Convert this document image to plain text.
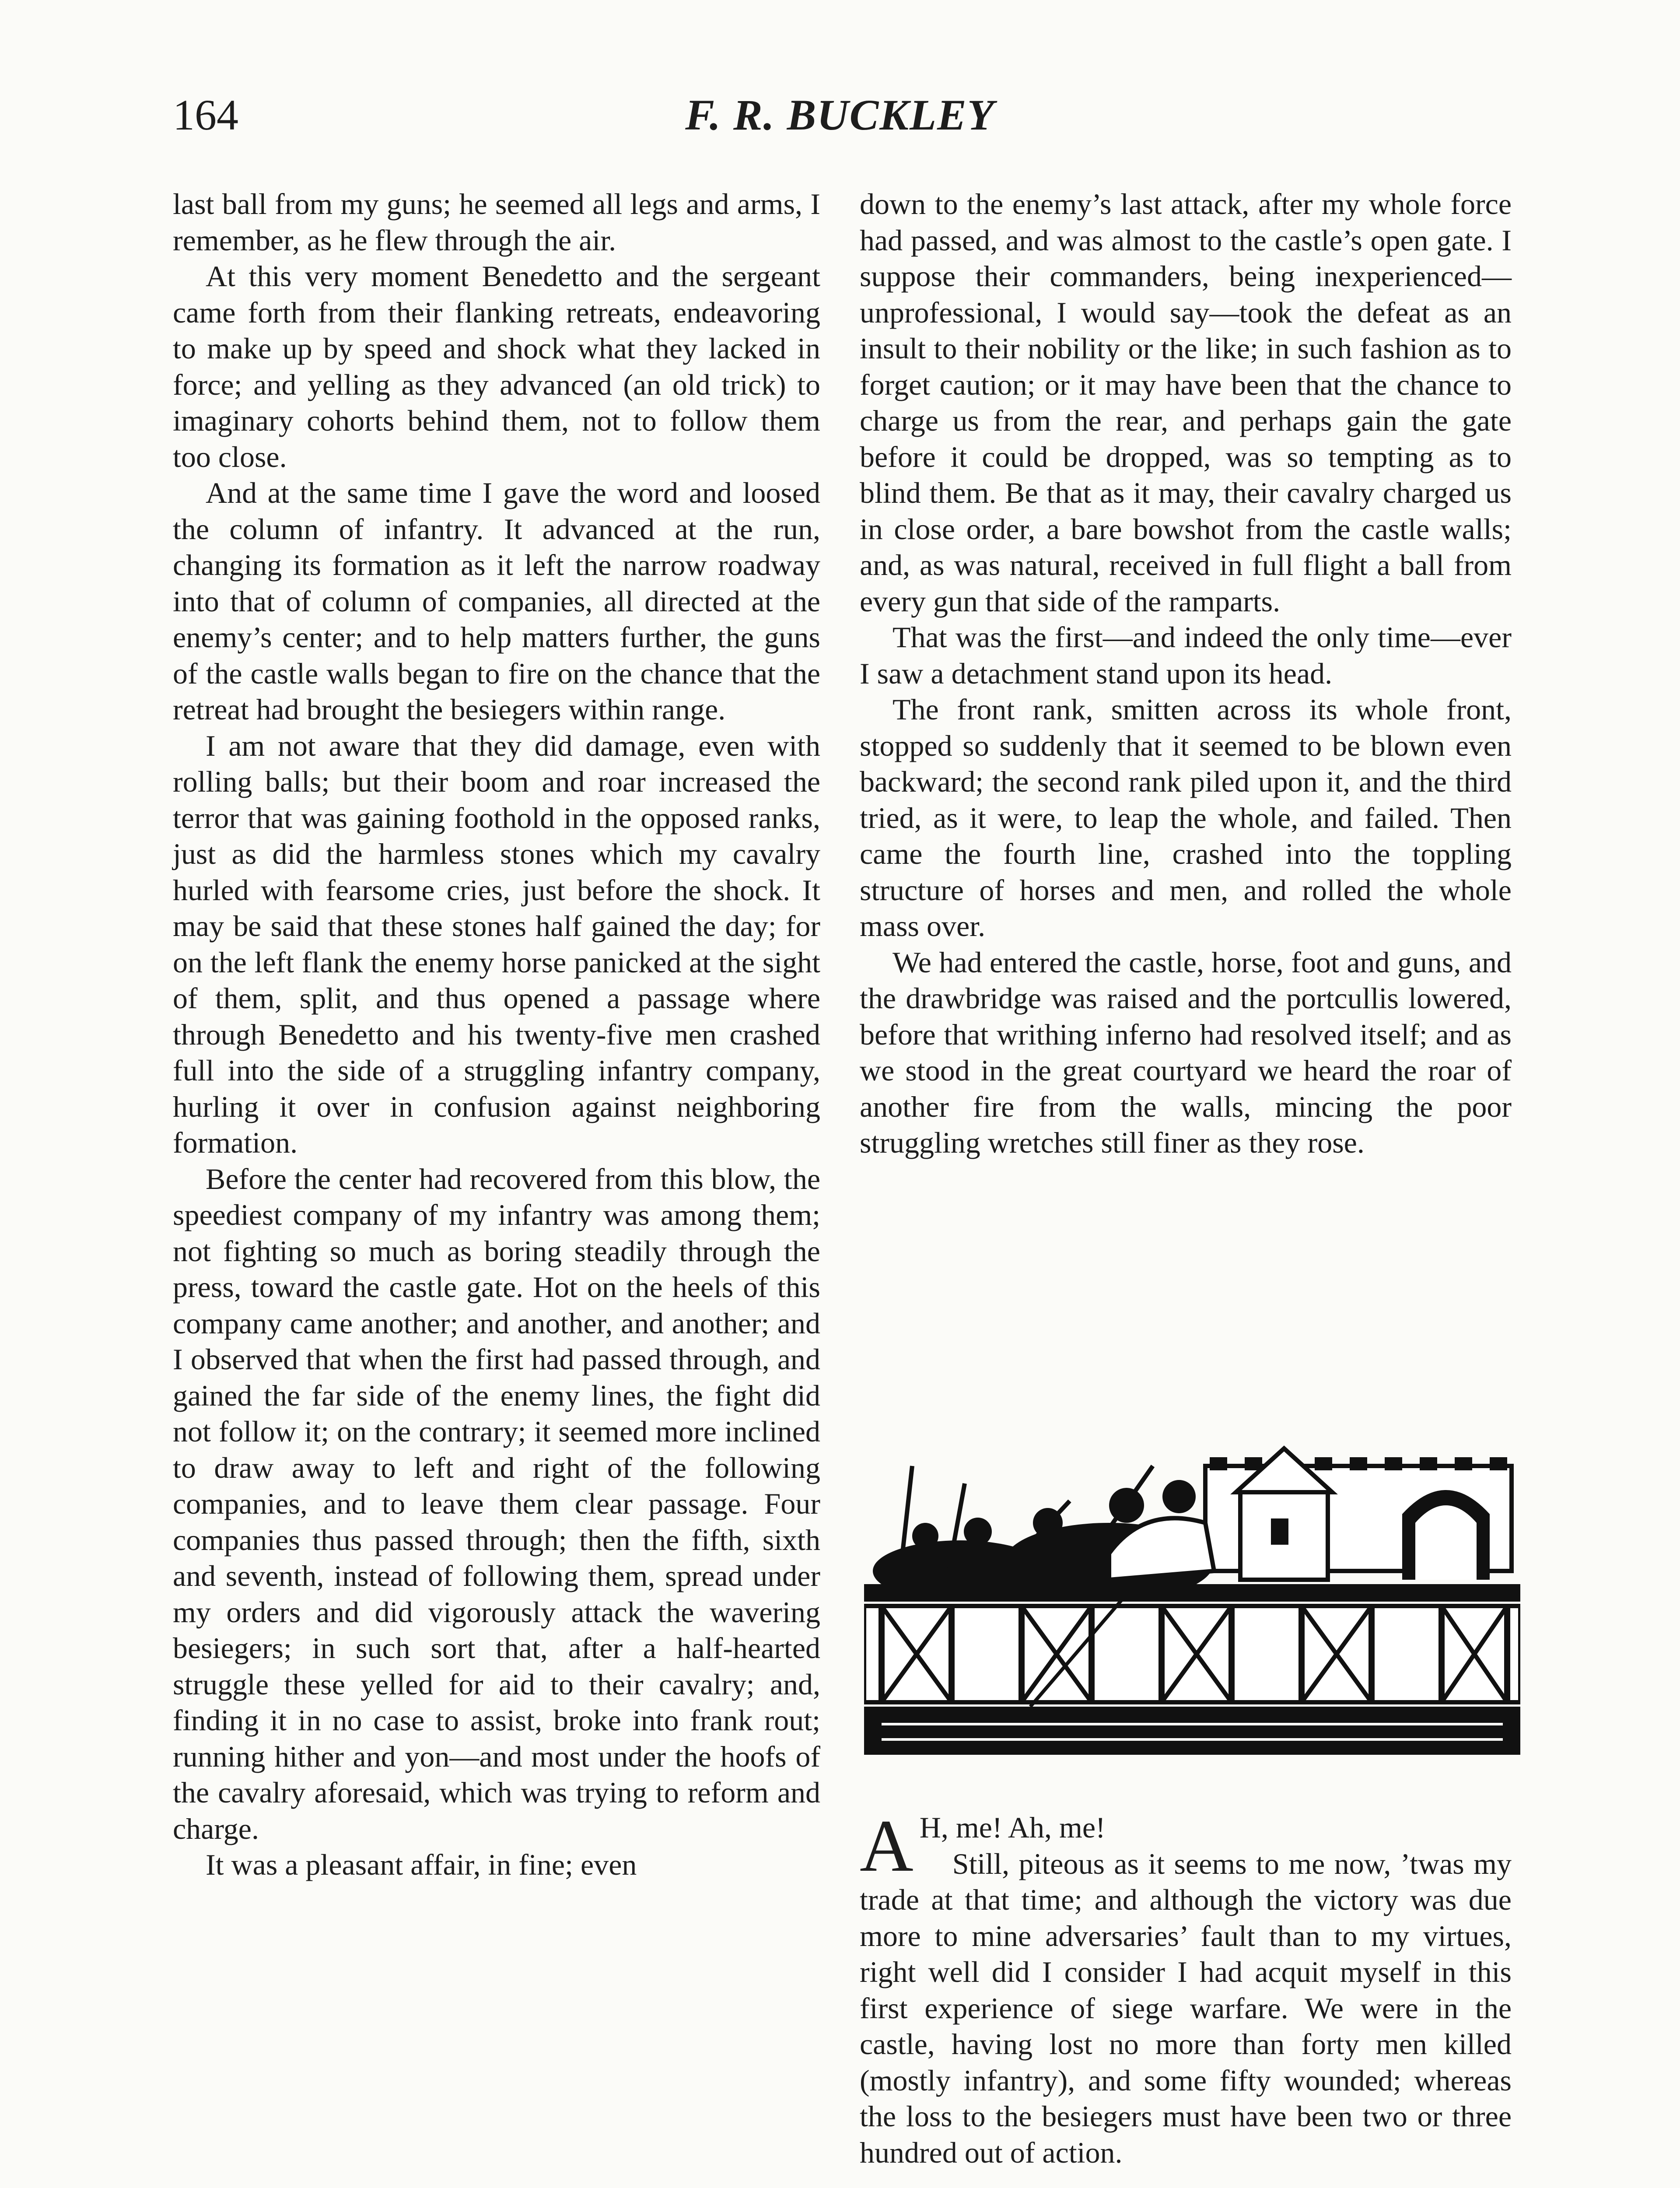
164	F. R. BUCKLEY

last ball from my guns; he seemed all legs and arms, I remember, as he flew through the air.

At this very moment Benedetto and the sergeant came forth from their flanking retreats, endeavoring to make up by speed and shock what they lacked in force; and yelling as they advanced (an old trick) to imaginary cohorts behind them, not to follow them too close.

And at the same time I gave the word and loosed the column of infantry. It advanced at the run, changing its formation as it left the narrow roadway into that of column of companies, all directed at the enemy’s center; and to help matters further, the guns of the castle walls began to fire on the chance that the retreat had brought the besiegers within range.

I am not aware that they did damage, even with rolling balls; but their boom and roar increased the terror that was gaining foothold in the opposed ranks, just as did the harmless stones which my cavalry hurled with fearsome cries, just before the shock. It may be said that these stones half gained the day; for on the left flank the enemy horse panicked at the sight of them, split, and thus opened a passage where through Benedetto and his twenty-five men crashed full into the side of a struggling infantry company, hurling it over in confusion against neighboring formation.

Before the center had recovered from this blow, the speediest company of my infantry was among them; not fighting so much as boring steadily through the press, toward the castle gate. Hot on the heels of this company came another; and another, and another; and I observed that when the first had passed through, and gained the far side of the enemy lines, the fight did not follow it; on the contrary; it seemed more inclined to draw away to left and right of the following companies, and to leave them clear passage. Four companies thus passed through; then the fifth, sixth and seventh, instead of following them, spread under my orders and did vigorously attack the wavering besiegers; in such sort that, after a half-hearted struggle these yelled for aid to their cavalry; and, finding it in no case to assist, broke into frank rout; running hither and yon—and most under the hoofs of the cavalry aforesaid, which was trying to reform and charge.

It was a pleasant affair, in fine; even

down to the enemy’s last attack, after my whole force had passed, and was almost to the castle’s open gate. I suppose their commanders, being inexperienced—unprofessional, I would say—took the defeat as an insult to their nobility or the like; in such fashion as to forget caution; or it may have been that the chance to charge us from the rear, and perhaps gain the gate before it could be dropped, was so tempting as to blind them. Be that as it may, their cavalry charged us in close order, a bare bowshot from the castle walls; and, as was natural, received in full flight a ball from every gun that side of the ramparts.

That was the first—and indeed the only time—ever I saw a detachment stand upon its head.

The front rank, smitten across its whole front, stopped so suddenly that it seemed to be blown even backward; the second rank piled upon it, and the third tried, as it were, to leap the whole, and failed. Then came the fourth line, crashed into the toppling structure of horses and men, and rolled the whole mass over.

We had entered the castle, horse, foot and guns, and the drawbridge was raised and the portcullis lowered, before that writhing inferno had resolved itself; and as we stood in the great courtyard we heard the roar of another fire from the walls, mincing the poor struggling wretches still finer as they rose.

A H, me! Ah, me!

Still, piteous as it seems to me now, ’twas my trade at that time; and although the victory was due more to mine adversaries’ fault than to my virtues, right well did I consider I had acquit myself in this first experience of siege warfare. We were in the castle, having lost no more than forty men killed (mostly infantry), and some fifty wounded; whereas the loss to the besiegers must have been two or three hundred out of action.
